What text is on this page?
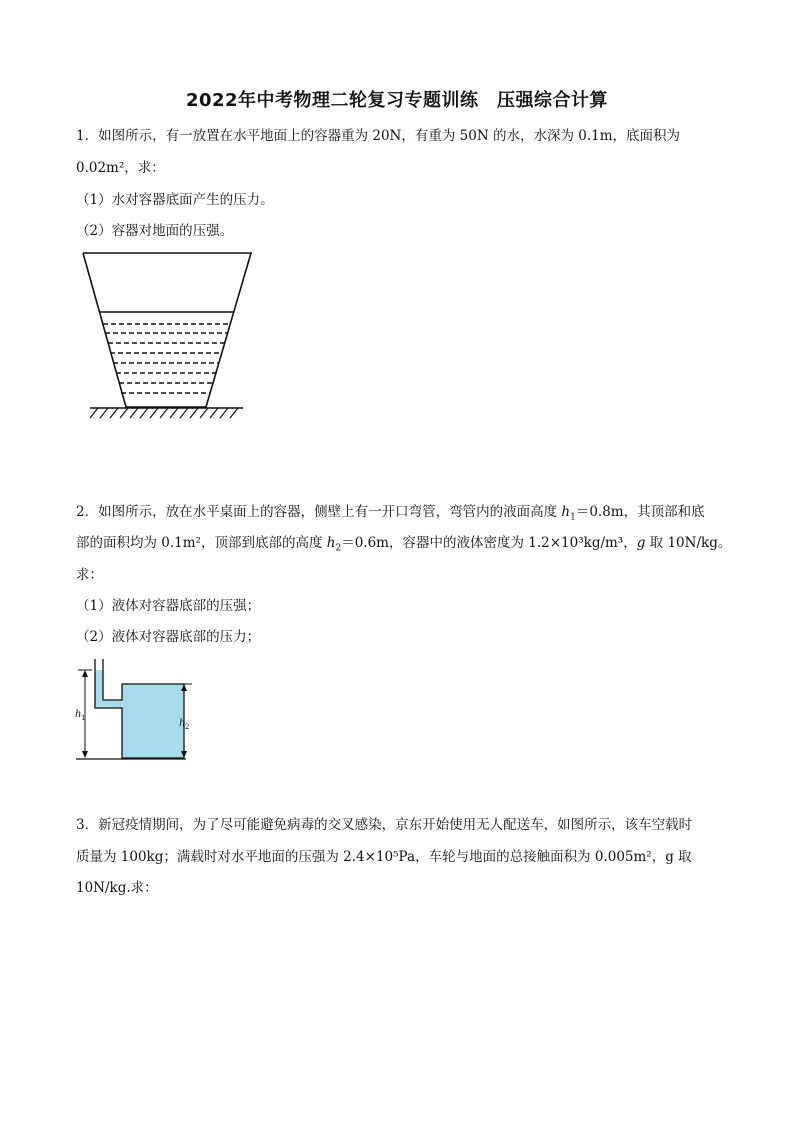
2022年中考物理二轮复习专题训练　压强综合计算
1．如图所示，有一放置在水平地面上的容器重为 20N，有重为 50N 的水，水深为 0.1m，底面积为
0.02m²，求：
（1）水对容器底面产生的压力。
（2）容器对地面的压强。
2．如图所示，放在水平桌面上的容器，侧壁上有一开口弯管，弯管内的液面高度 $h_1=0.8m$，其顶部和底
部的面积均为 0.1m²，顶部到底部的高度 $h_2=0.6m$，容器中的液体密度为 1.2×10³kg/m³，g 取 10N/kg。
求：
（1）液体对容器底部的压强；
（2）液体对容器底部的压力；
h 1	h 2
3．新冠疫情期间，为了尽可能避免病毒的交叉感染，京东开始使用无人配送车，如图所示，该车空载时
质量为 100kg；满载时对水平地面的压强为 2.4×10⁵Pa，车轮与地面的总接触面积为 0.005m²，g 取
10N/kg.求：
